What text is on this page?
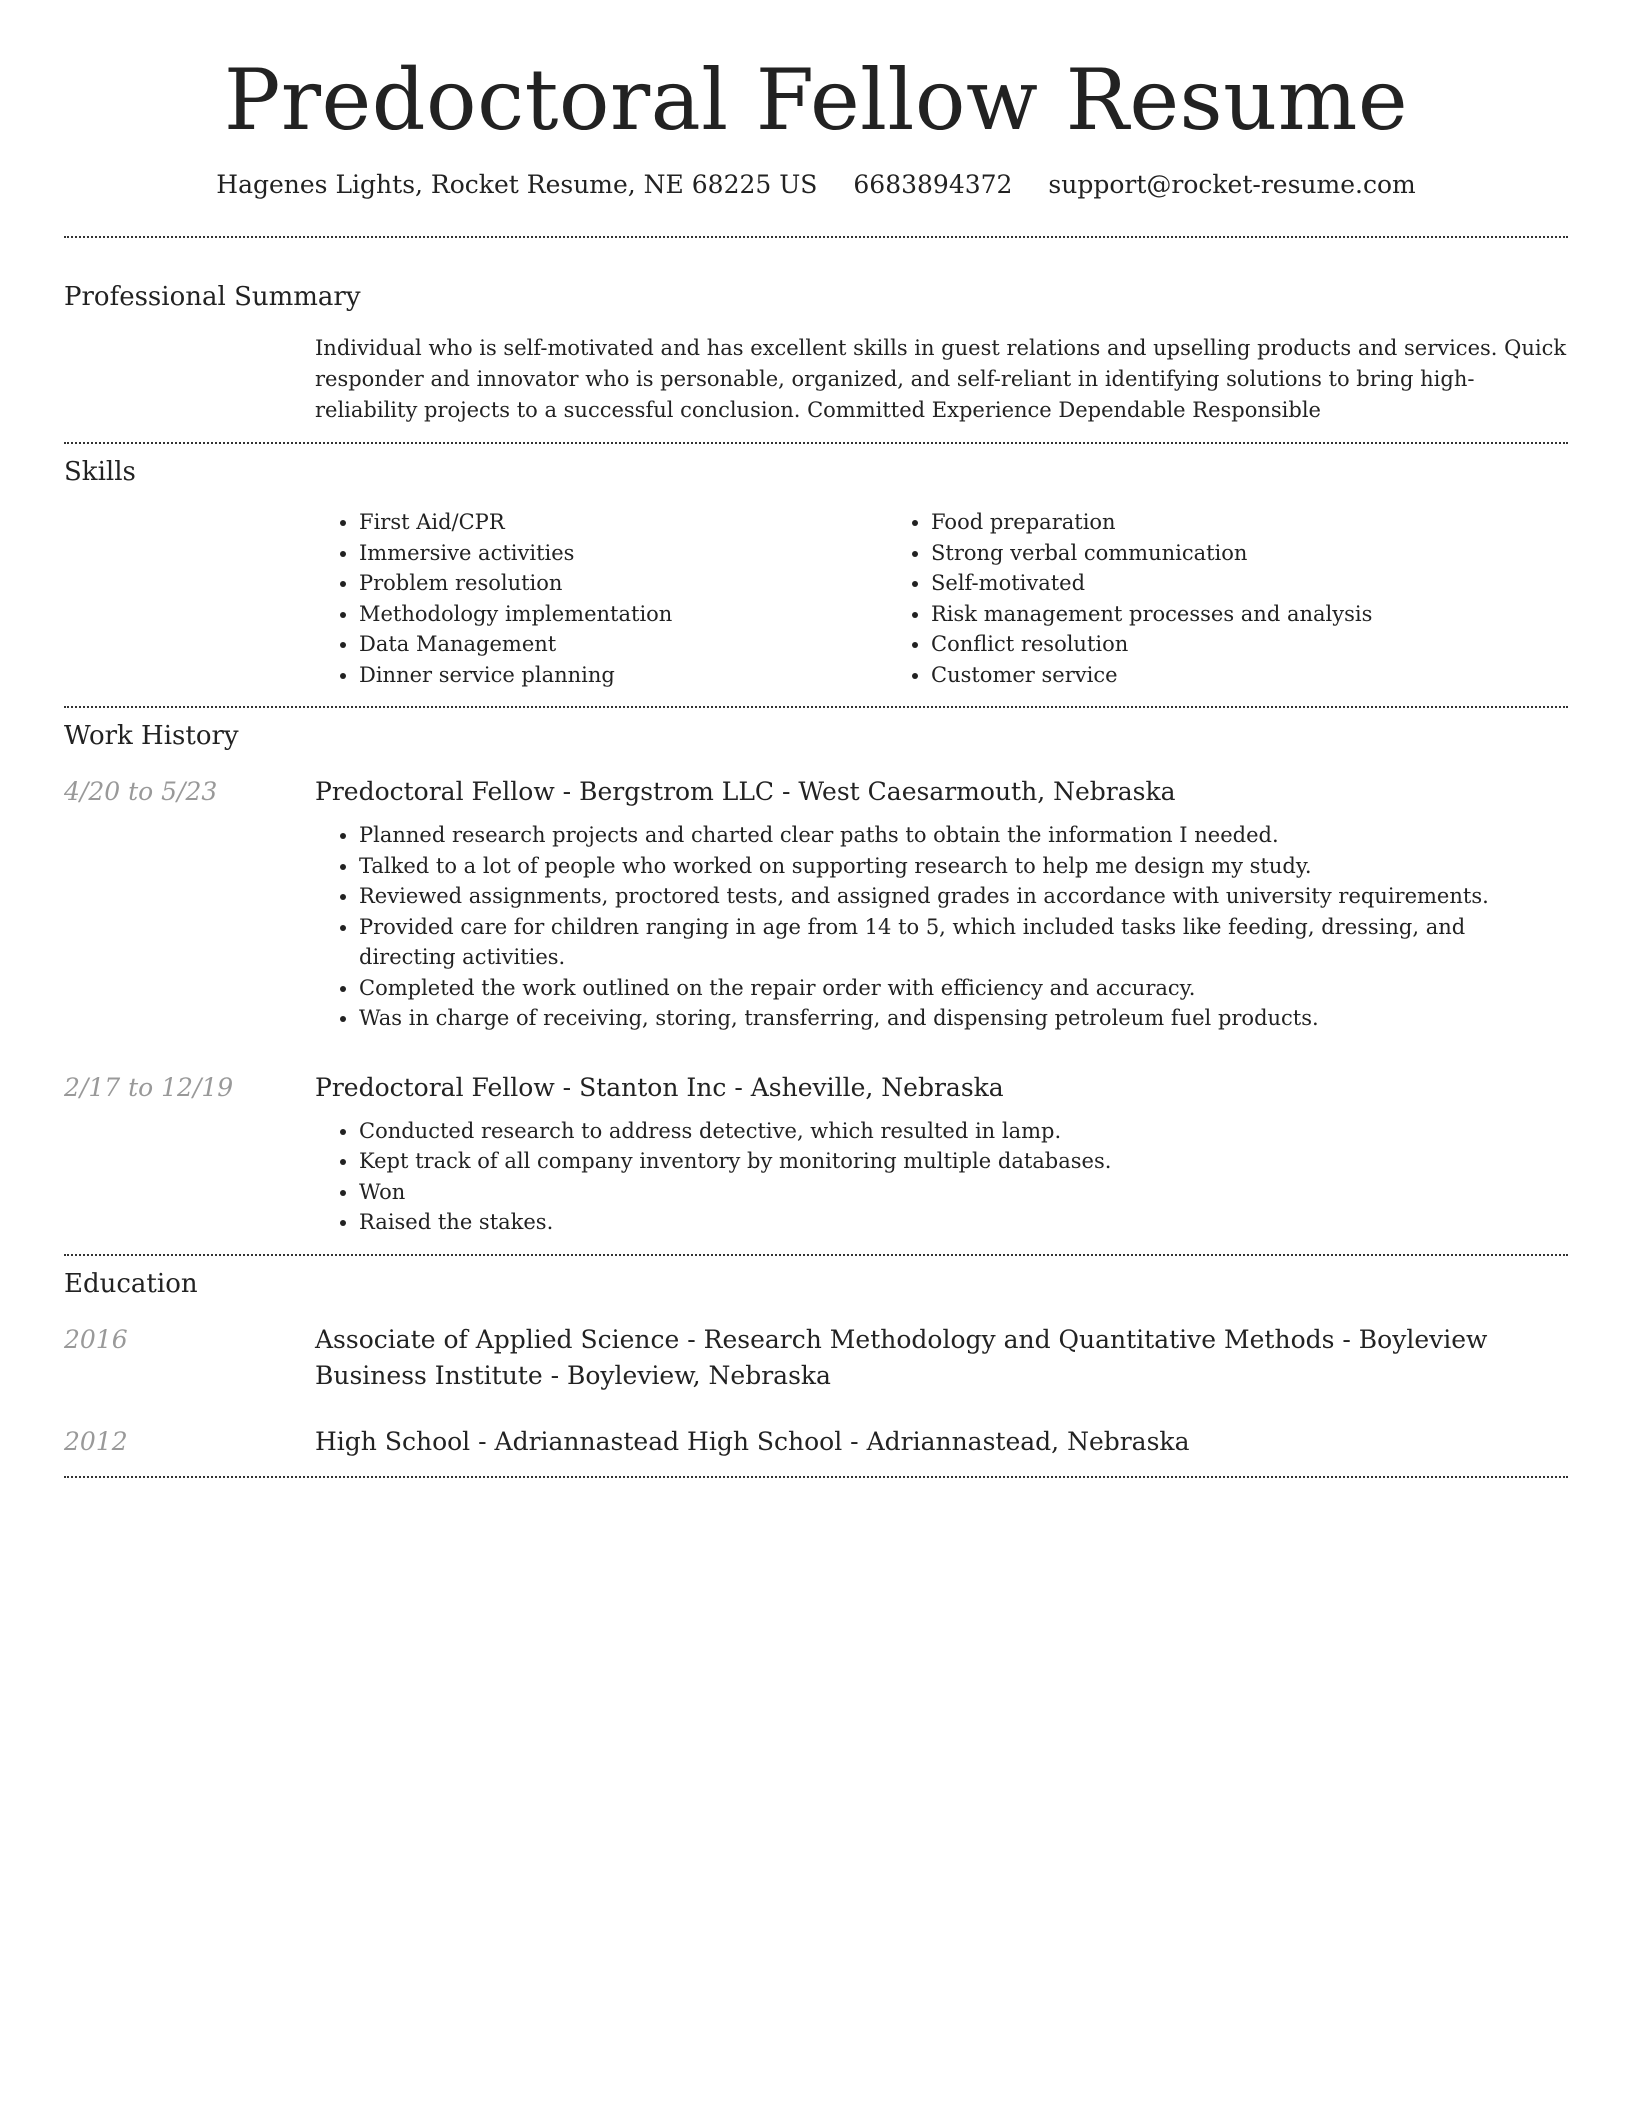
Predoctoral Fellow Resume
Hagenes Lights, Rocket Resume, NE 68225 US 6683894372 support@rocket-resume.com
Professional Summary

Individual who is self-motivated and has excellent skills in guest relations and upselling products and services. Quick responder and innovator who is personable, organized, and self-reliant in identifying solutions to bring high-reliability projects to a successful conclusion. Committed Experience Dependable Responsible

Skills
• First Aid/CPR
• Immersive activities
• Problem resolution
• Methodology implementation
• Data Management
• Dinner service planning
• Food preparation
• Strong verbal communication
• Self-motivated
• Risk management processes and analysis
• Conflict resolution
• Customer service
Work History
4/20 to 5/23	Predoctoral Fellow - Bergstrom LLC - West Caesarmouth, Nebraska
• Planned research projects and charted clear paths to obtain the information I needed.
• Talked to a lot of people who worked on supporting research to help me design my study.
• Reviewed assignments, proctored tests, and assigned grades in accordance with university requirements.
• Provided care for children ranging in age from 14 to 5, which included tasks like feeding, dressing, and directing activities.
• Completed the work outlined on the repair order with efficiency and accuracy.
• Was in charge of receiving, storing, transferring, and dispensing petroleum fuel products.
2/17 to 12/19	Predoctoral Fellow - Stanton Inc - Asheville, Nebraska
• Conducted research to address detective, which resulted in lamp.
• Kept track of all company inventory by monitoring multiple databases.
• Won
• Raised the stakes.
Education
2016	Associate of Applied Science - Research Methodology and Quantitative Methods - Boyleview Business Institute - Boyleview, Nebraska
2012	High School - Adriannastead High School - Adriannastead, Nebraska
